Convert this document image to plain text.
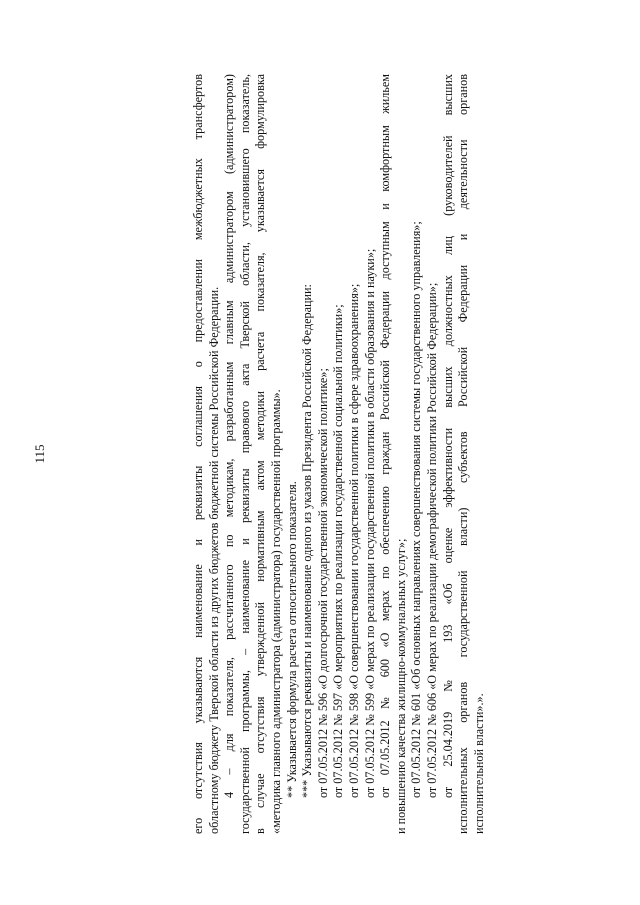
115	его отсутствия указываются наименование и реквизиты соглашения о предоставлении межбюджетных трансфертов областному бюджету Тверской области из других бюджетов бюджетной системы Российской Федерации. 4 – для показателя, рассчитанного по методикам, разработанным главным администратором (администратором) государственной программы, – наименование и реквизиты правового акта Тверской области, установившего показатель, в случае отсутствия утвержденной нормативным актом методики расчета показателя, указывается формулировка «методика главного администратора (администратора) государственной программы». ** Указывается формула расчета относительного показателя. *** Указываются реквизиты и наименование одного из указов Президента Российской Федерации: от 07.05.2012 № 596 «О долгосрочной государственной экономической политике»; от 07.05.2012 № 597 «О мероприятиях по реализации государственной социальной политики»; от 07.05.2012 № 598 «О совершенствовании государственной политики в сфере здравоохранения»; от 07.05.2012 № 599 «О мерах по реализации государственной политики в области образования и науки»; от 07.05.2012 № 600 «О мерах по обеспечению граждан Российской Федерации доступным и комфортным жильем и повышению качества жилищно-коммунальных услуг»; от 07.05.2012 № 601 «Об основных направлениях совершенствования системы государственного управления»; от 07.05.2012 № 606 «О мерах по реализации демографической политики Российской Федерации»; от 25.04.2019 № 193 «Об оценке эффективности высших должностных лиц (руководителей высших исполнительных органов государственной власти) субъектов Российской Федерации и деятельности органов исполнительной власти».».
